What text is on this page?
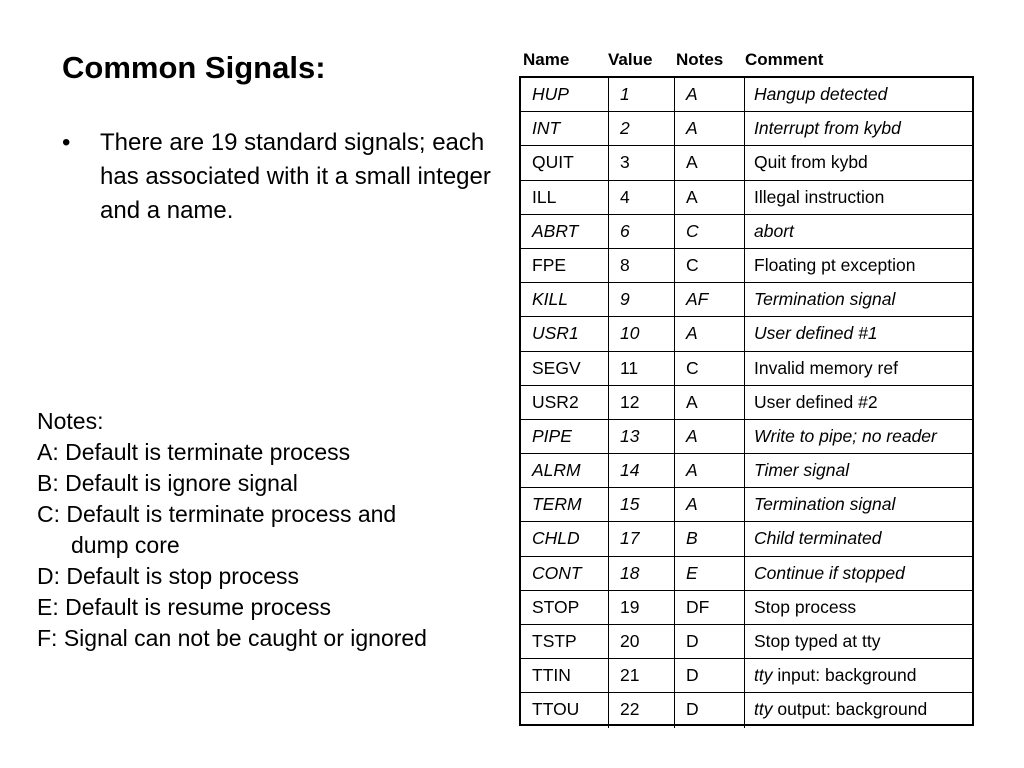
Common Signals:
• There are 19 standard signals; each has associated with it a small integer and a name.
Notes:
A: Default is terminate process
B: Default is ignore signal
C: Default is terminate process and
dump core
D: Default is stop process
E: Default is resume process
F: Signal can not be caught or ignored
Name Value Notes Comment
HUP	1	A	Hangup detected
INT	2	A	Interrupt from kybd
QUIT	3	A	Quit from kybd
ILL	4	A	Illegal instruction
ABRT	6	C	abort
FPE	8	C	Floating pt exception
KILL	9	AF	Termination signal
USR1	10	A	User defined #1
SEGV	11	C	Invalid memory ref
USR2	12	A	User defined #2
PIPE	13	A	Write to pipe; no reader
ALRM	14	A	Timer signal
TERM	15	A	Termination signal
CHLD	17	B	Child terminated
CONT	18	E	Continue if stopped
STOP	19	DF	Stop process
TSTP	20	D	Stop typed at tty
TTIN	21	D	tty input: background
TTOU	22	D	tty output: background
